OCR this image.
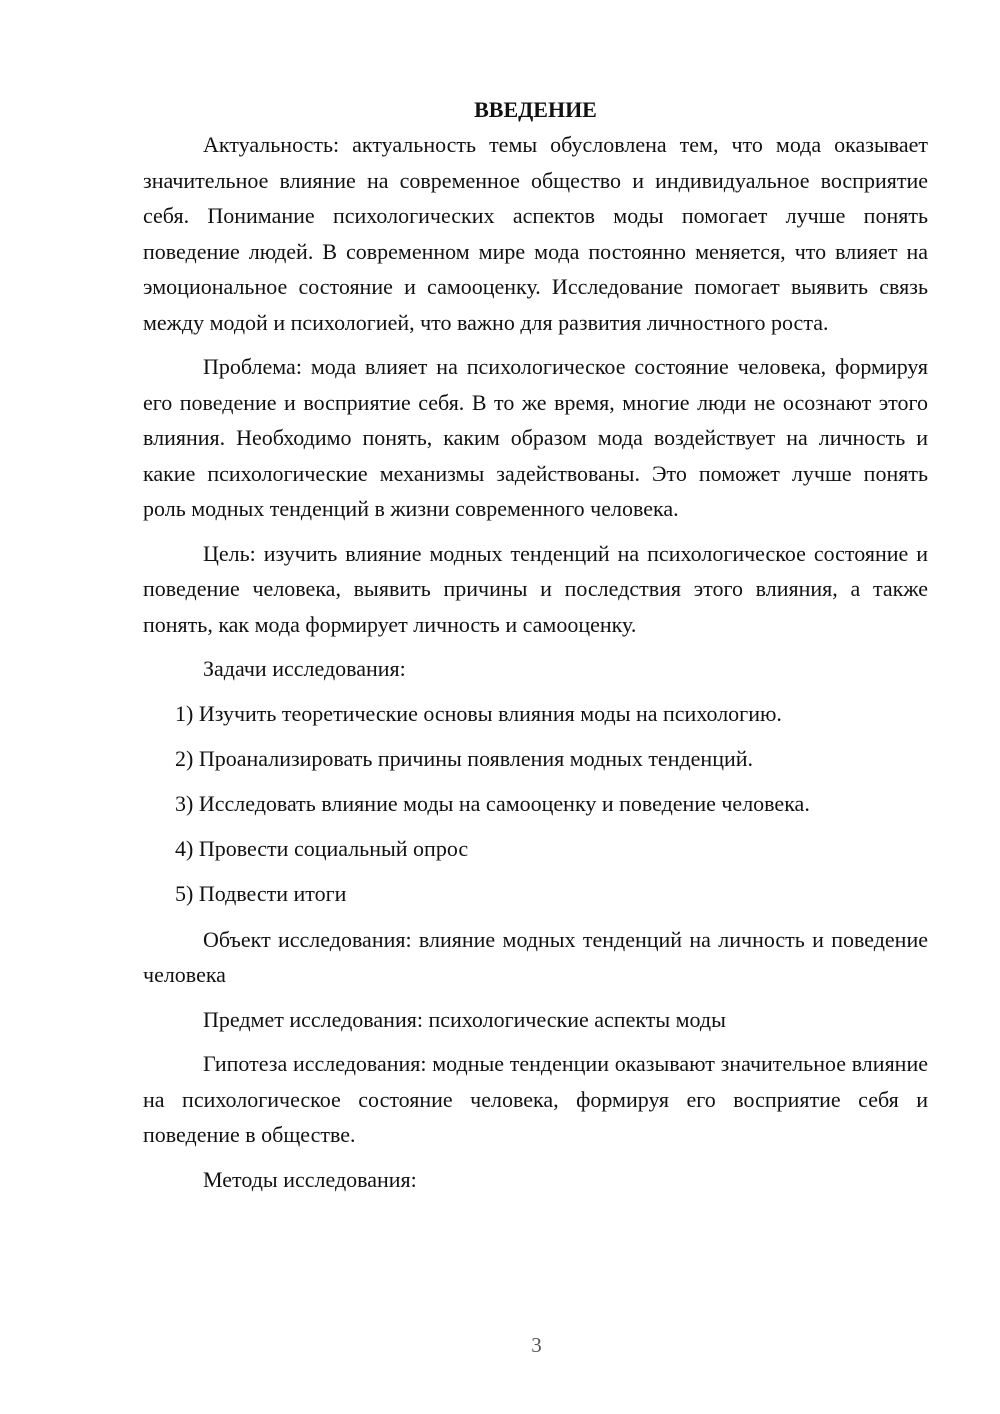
ВВЕДЕНИЕ

Актуальность: актуальность темы обусловлена тем, что мода оказывает значительное влияние на современное общество и индивидуальное восприятие себя. Понимание психологических аспектов моды помогает лучше понять поведение людей. В современном мире мода постоянно меняется, что влияет на эмоциональное состояние и самооценку. Исследование помогает выявить связь между модой и психологией, что важно для развития личностного роста.

Проблема: мода влияет на психологическое состояние человека, формируя его поведение и восприятие себя. В то же время, многие люди не осознают этого влияния. Необходимо понять, каким образом мода воздействует на личность и какие психологические механизмы задействованы. Это поможет лучше понять роль модных тенденций в жизни современного человека.

Цель: изучить влияние модных тенденций на психологическое состояние и поведение человека, выявить причины и последствия этого влияния, а также понять, как мода формирует личность и самооценку.

Задачи исследования:

1) Изучить теоретические основы влияния моды на психологию.

2) Проанализировать причины появления модных тенденций.

3) Исследовать влияние моды на самооценку и поведение человека.

4) Провести социальный опрос

5) Подвести итоги

Объект исследования: влияние модных тенденций на личность и поведение человека

Предмет исследования: психологические аспекты моды

Гипотеза исследования: модные тенденции оказывают значительное влияние на психологическое состояние человека, формируя его восприятие себя и поведение в обществе.

Методы исследования:

3
